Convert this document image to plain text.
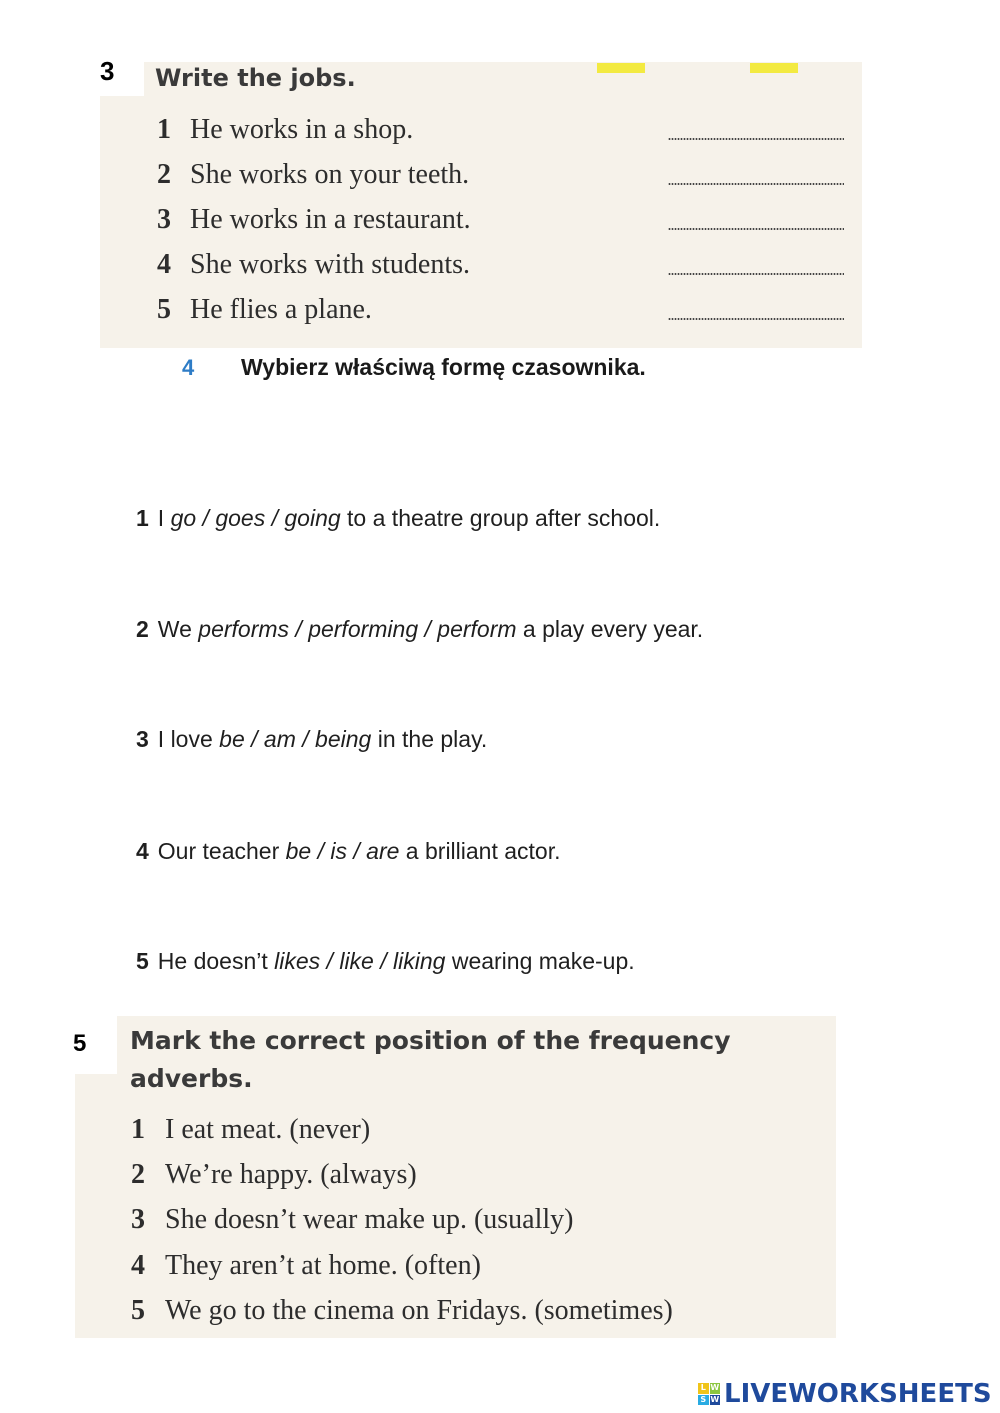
3 Write the jobs.
1 He works in a shop.
2 She works on your teeth.
3 He works in a restaurant.
4 She works with students.
5 He flies a plane.
4 Wybierz właściwą formę czasownika.
1 I go / goes / going to a theatre group after school.
2 We performs / performing / perform a play every year.
3 I love be / am / being in the play.
4 Our teacher be / is / are a brilliant actor.
5 He doesn’t likes / like / liking wearing make-up.
5 Mark the correct position of the frequency adverbs.
1 I eat meat. (never)
2 We’re happy. (always)
3 She doesn’t wear make up. (usually)
4 They aren’t at home. (often)
5 We go to the cinema on Fridays. (sometimes)
L W
S W LIVEWORKSHEETS
